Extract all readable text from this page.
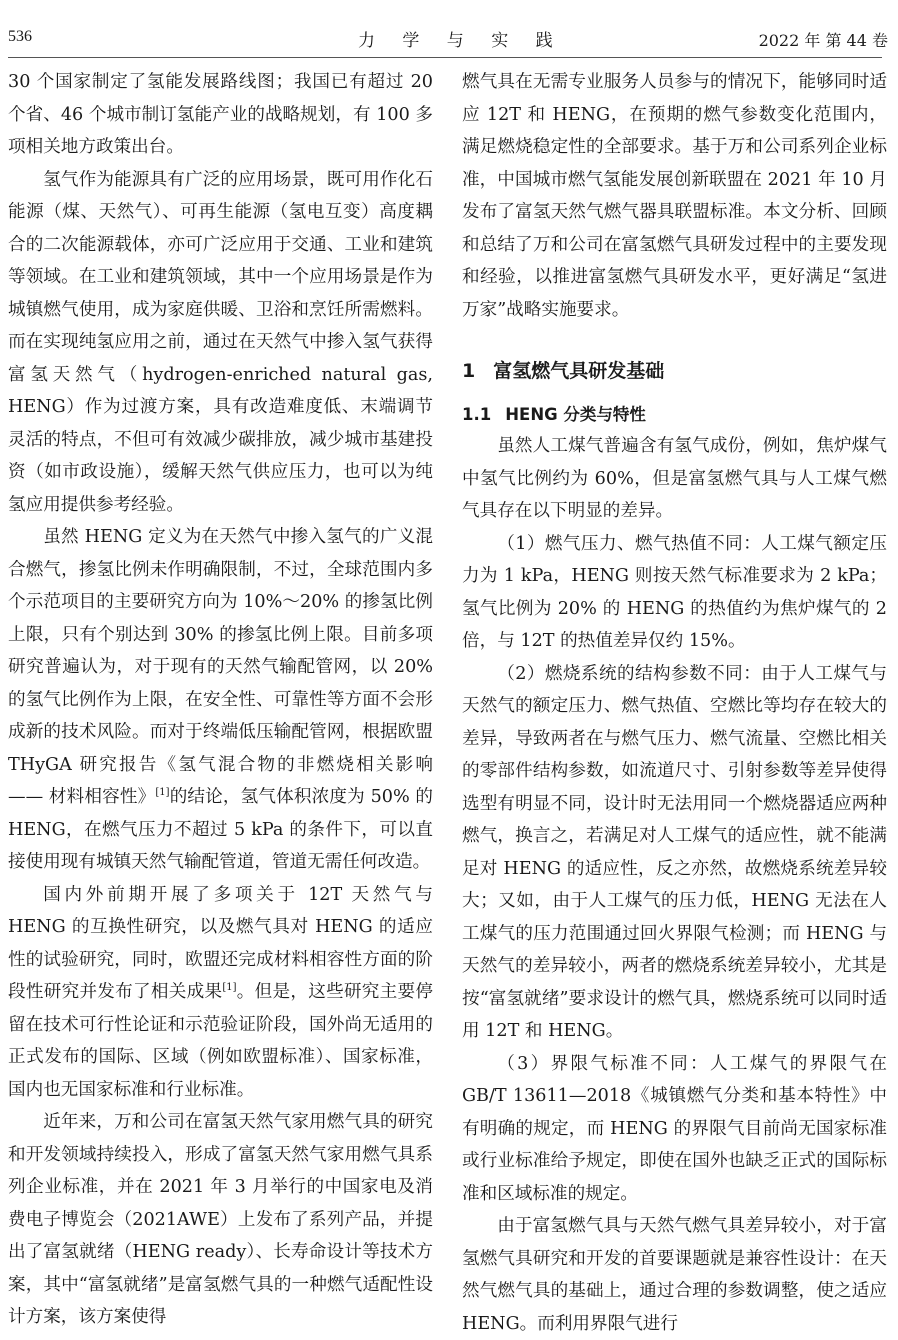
536	力 学 与 实 践	2022 年 第 44 卷

30 个国家制定了氢能发展路线图；我国已有超过 20 个省、46 个城市制订氢能产业的战略规划，有 100 多项相关地方政策出台。

氢气作为能源具有广泛的应用场景，既可用作化石能源（煤、天然气）、可再生能源（氢电互变）高度耦合的二次能源载体，亦可广泛应用于交通、工业和建筑等领域。在工业和建筑领域，其中一个应用场景是作为城镇燃气使用，成为家庭供暖、卫浴和烹饪所需燃料。而在实现纯氢应用之前，通过在天然气中掺入氢气获得富氢天然气（hydrogen-enriched natural gas, HENG）作为过渡方案，具有改造难度低、末端调节灵活的特点，不但可有效减少碳排放，减少城市基建投资（如市政设施），缓解天然气供应压力，也可以为纯氢应用提供参考经验。

虽然 HENG 定义为在天然气中掺入氢气的广义混合燃气，掺氢比例未作明确限制，不过，全球范围内多个示范项目的主要研究方向为 10%～20% 的掺氢比例上限，只有个别达到 30% 的掺氢比例上限。目前多项研究普遍认为，对于现有的天然气输配管网，以 20% 的氢气比例作为上限，在安全性、可靠性等方面不会形成新的技术风险。而对于终端低压输配管网，根据欧盟 THyGA 研究报告《氢气混合物的非燃烧相关影响 —— 材料相容性》[1]的结论，氢气体积浓度为 50% 的 HENG，在燃气压力不超过 5 kPa 的条件下，可以直接使用现有城镇天然气输配管道，管道无需任何改造。

国内外前期开展了多项关于 12T 天然气与 HENG 的互换性研究，以及燃气具对 HENG 的适应性的试验研究，同时，欧盟还完成材料相容性方面的阶段性研究并发布了相关成果[1]。但是，这些研究主要停留在技术可行性论证和示范验证阶段，国外尚无适用的正式发布的国际、区域（例如欧盟标准）、国家标准，国内也无国家标准和行业标准。

近年来，万和公司在富氢天然气家用燃气具的研究和开发领域持续投入，形成了富氢天然气家用燃气具系列企业标准，并在 2021 年 3 月举行的中国家电及消费电子博览会（2021AWE）上发布了系列产品，并提出了富氢就绪（HENG ready）、长寿命设计等技术方案，其中“富氢就绪”是富氢燃气具的一种燃气适配性设计方案，该方案使得

燃气具在无需专业服务人员参与的情况下，能够同时适应 12T 和 HENG，在预期的燃气参数变化范围内，满足燃烧稳定性的全部要求。基于万和公司系列企业标准，中国城市燃气氢能发展创新联盟在 2021 年 10 月发布了富氢天然气燃气器具联盟标准。本文分析、回顾和总结了万和公司在富氢燃气具研发过程中的主要发现和经验，以推进富氢燃气具研发水平，更好满足“氢进万家”战略实施要求。

1 富氢燃气具研发基础
1.1 HENG 分类与特性

虽然人工煤气普遍含有氢气成份，例如，焦炉煤气中氢气比例约为 60%，但是富氢燃气具与人工煤气燃气具存在以下明显的差异。

（1）燃气压力、燃气热值不同：人工煤气额定压力为 1 kPa，HENG 则按天然气标准要求为 2 kPa；氢气比例为 20% 的 HENG 的热值约为焦炉煤气的 2 倍，与 12T 的热值差异仅约 15%。

（2）燃烧系统的结构参数不同：由于人工煤气与天然气的额定压力、燃气热值、空燃比等均存在较大的差异，导致两者在与燃气压力、燃气流量、空燃比相关的零部件结构参数，如流道尺寸、引射参数等差异使得选型有明显不同，设计时无法用同一个燃烧器适应两种燃气，换言之，若满足对人工煤气的适应性，就不能满足对 HENG 的适应性，反之亦然，故燃烧系统差异较大；又如，由于人工煤气的压力低，HENG 无法在人工煤气的压力范围通过回火界限气检测；而 HENG 与天然气的差异较小，两者的燃烧系统差异较小，尤其是按“富氢就绪”要求设计的燃气具，燃烧系统可以同时适用 12T 和 HENG。

（3）界限气标准不同：人工煤气的界限气在 GB/T 13611—2018《城镇燃气分类和基本特性》中有明确的规定，而 HENG 的界限气目前尚无国家标准或行业标准给予规定，即使在国外也缺乏正式的国际标准和区域标准的规定。

由于富氢燃气具与天然气燃气具差异较小，对于富氢燃气具研究和开发的首要课题就是兼容性设计：在天然气燃气具的基础上，通过合理的参数调整，使之适应 HENG。而利用界限气进行
